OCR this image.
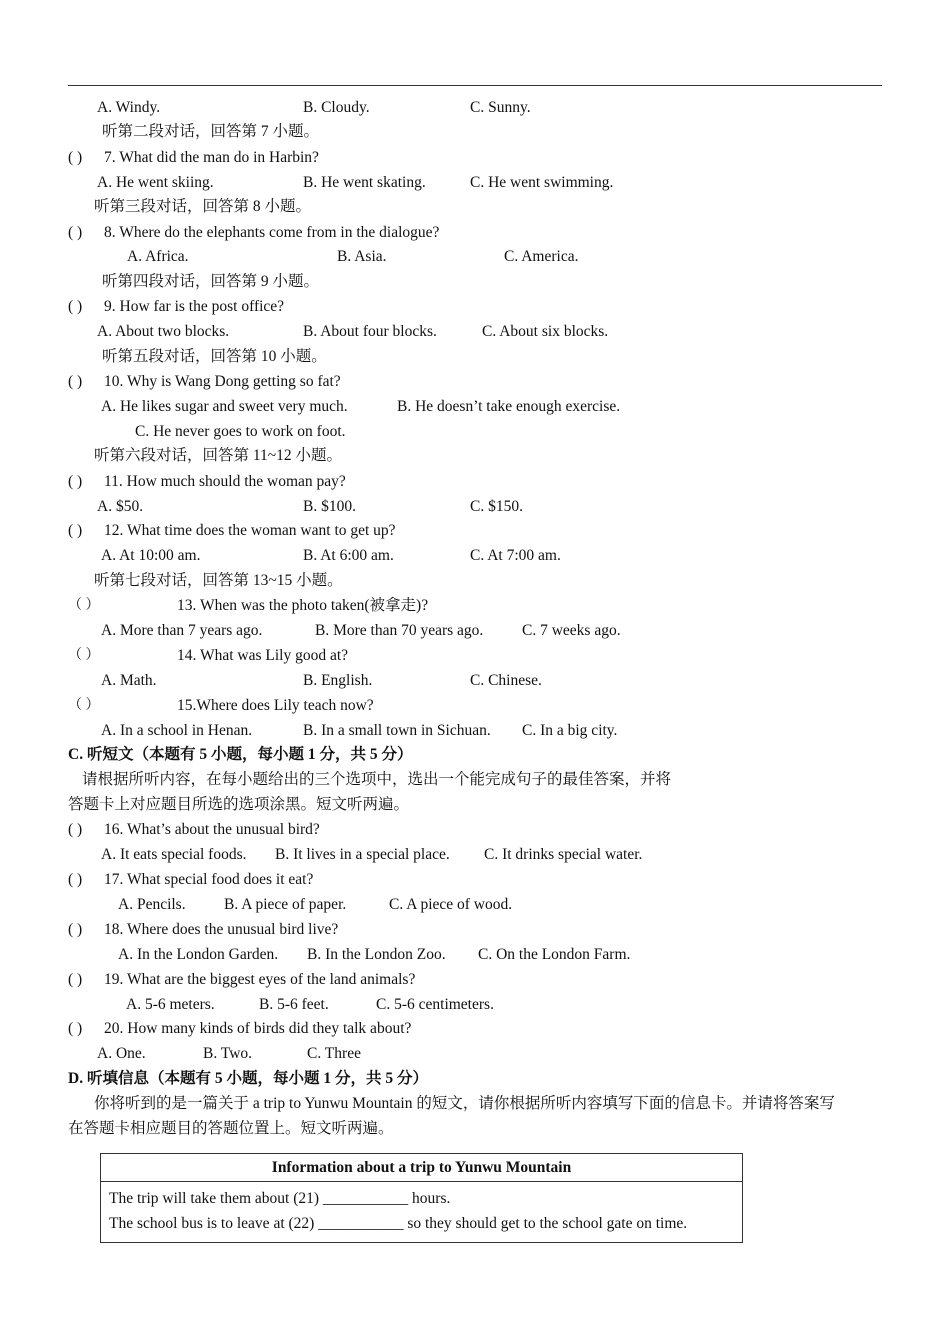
A. Windy.	B. Cloudy.	C. Sunny.
听第二段对话，回答第 7 小题。
( ) 7. What did the man do in Harbin?
A. He went skiing.	B. He went skating.	C. He went swimming.
听第三段对话，回答第 8 小题。
( ) 8. Where do the elephants come from in the dialogue?
A. Africa.	B. Asia.	C. America.
听第四段对话，回答第 9 小题。
( ) 9. How far is the post office?
A. About two blocks.	B. About four blocks.	C. About six blocks.
听第五段对话，回答第 10 小题。
( ) 10. Why is Wang Dong getting so fat?
A. He likes sugar and sweet very much.	B. He doesn’t take enough exercise.
C. He never goes to work on foot.
听第六段对话，回答第 11~12 小题。
( ) 11. How much should the woman pay?
A. $50.	B. $100.	C. $150.
( ) 12. What time does the woman want to get up?
A. At 10:00 am.	B. At 6:00 am.	C. At 7:00 am.
听第七段对话，回答第 13~15 小题。
（ ）	13. When was the photo taken(被拿走)?
A. More than 7 years ago.	B. More than 70 years ago. C. 7 weeks ago.
（ ）	14. What was Lily good at?
A. Math.	B. English.	C. Chinese.
（ ）	15.Where does Lily teach now?
A. In a school in Henan.	B. In a small town in Sichuan. C. In a big city.
C. 听短文（本题有 5 小题，每小题 1 分，共 5 分）
请根据所听内容，在每小题给出的三个选项中，选出一个能完成句子的最佳答案，并将
答题卡上对应题目所选的选项涂黑。短文听两遍。
( ) 16. What’s about the unusual bird?
A. It eats special foods. B. It lives in a special place. C. It drinks special water.
( ) 17. What special food does it eat?
A. Pencils. B. A piece of paper.	C. A piece of wood.
( ) 18. Where does the unusual bird live?
A. In the London Garden. B. In the London Zoo. C. On the London Farm.
( ) 19. What are the biggest eyes of the land animals?
A. 5-6 meters.	B. 5-6 feet.	C. 5-6 centimeters.
( ) 20. How many kinds of birds did they talk about?
A. One.	B. Two.	C. Three
D. 听填信息（本题有 5 小题，每小题 1 分，共 5 分）
你将听到的是一篇关于 a trip to Yunwu Mountain 的短文，请你根据所听内容填写下面的信息卡。并请将答案写
在答题卡相应题目的答题位置上。短文听两遍。
Information about a trip to Yunwu Mountain

The trip will take them about (21) ___________ hours.
The school bus is to leave at (22) ___________ so they should get to the school gate on time.
